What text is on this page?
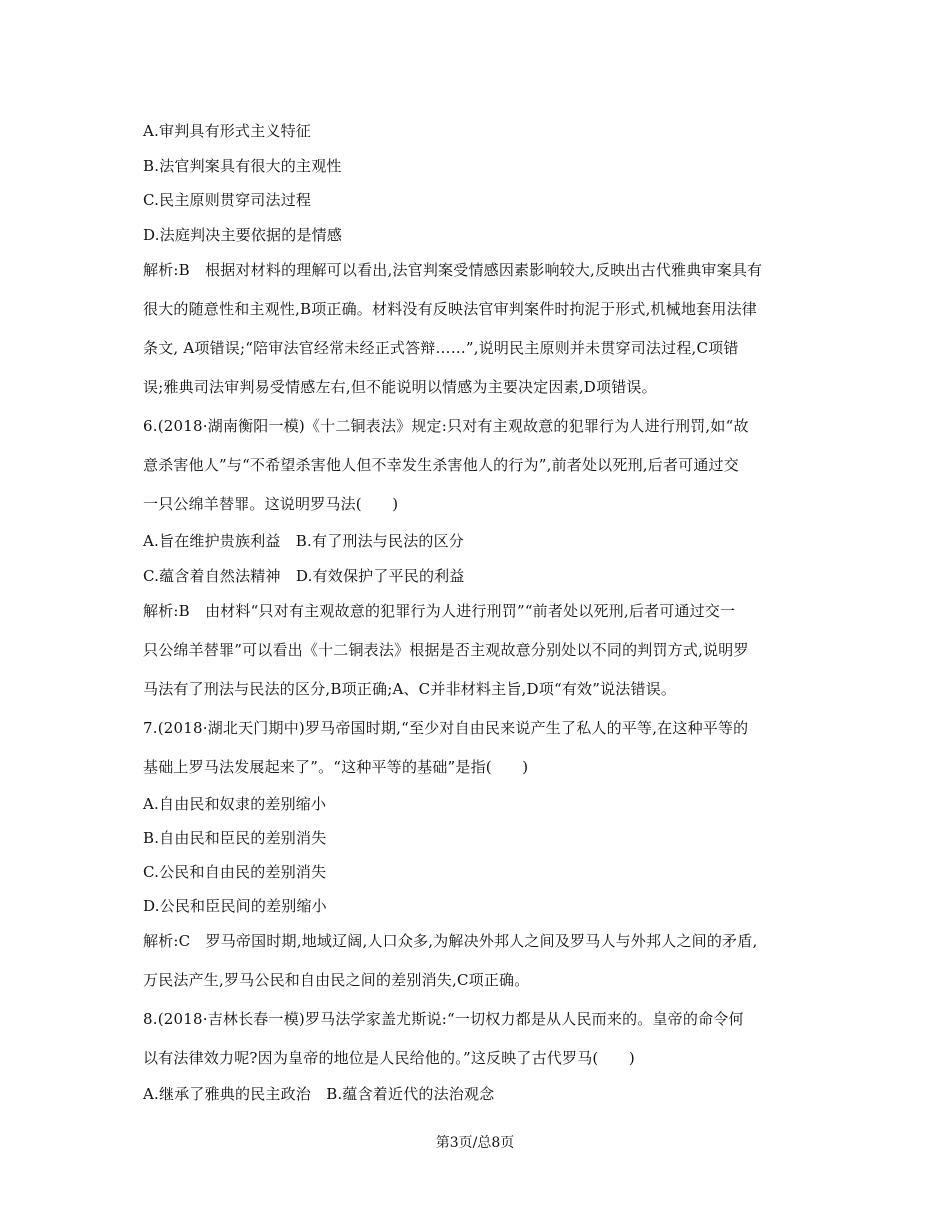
A.审判具有形式主义特征
B.法官判案具有很大的主观性
C.民主原则贯穿司法过程
D.法庭判决主要依据的是情感
解析:B　根据对材料的理解可以看出,法官判案受情感因素影响较大,反映出古代雅典审案具有
很大的随意性和主观性,B项正确。材料没有反映法官审判案件时拘泥于形式,机械地套用法律
条文, A项错误;“陪审法官经常未经正式答辩……”,说明民主原则并未贯穿司法过程,C项错
误;雅典司法审判易受情感左右,但不能说明以情感为主要决定因素,D项错误。
6.(2018·湖南衡阳一模)《十二铜表法》规定:只对有主观故意的犯罪行为人进行刑罚,如“故
意杀害他人”与“不希望杀害他人但不幸发生杀害他人的行为”,前者处以死刑,后者可通过交
一只公绵羊替罪。这说明罗马法(　　)
A.旨在维护贵族利益　B.有了刑法与民法的区分
C.蕴含着自然法精神　D.有效保护了平民的利益
解析:B　由材料“只对有主观故意的犯罪行为人进行刑罚”“前者处以死刑,后者可通过交一
只公绵羊替罪”可以看出《十二铜表法》根据是否主观故意分别处以不同的判罚方式,说明罗
马法有了刑法与民法的区分,B项正确;A、C并非材料主旨,D项“有效”说法错误。
7.(2018·湖北天门期中)罗马帝国时期,“至少对自由民来说产生了私人的平等,在这种平等的
基础上罗马法发展起来了”。“这种平等的基础”是指(　　)
A.自由民和奴隶的差别缩小
B.自由民和臣民的差别消失
C.公民和自由民的差别消失
D.公民和臣民间的差别缩小
解析:C　罗马帝国时期,地域辽阔,人口众多,为解决外邦人之间及罗马人与外邦人之间的矛盾,
万民法产生,罗马公民和自由民之间的差别消失,C项正确。
8.(2018·吉林长春一模)罗马法学家盖尤斯说:“一切权力都是从人民而来的。皇帝的命令何
以有法律效力呢?因为皇帝的地位是人民给他的。”这反映了古代罗马(　　)
A.继承了雅典的民主政治　B.蕴含着近代的法治观念
第3页/总8页
